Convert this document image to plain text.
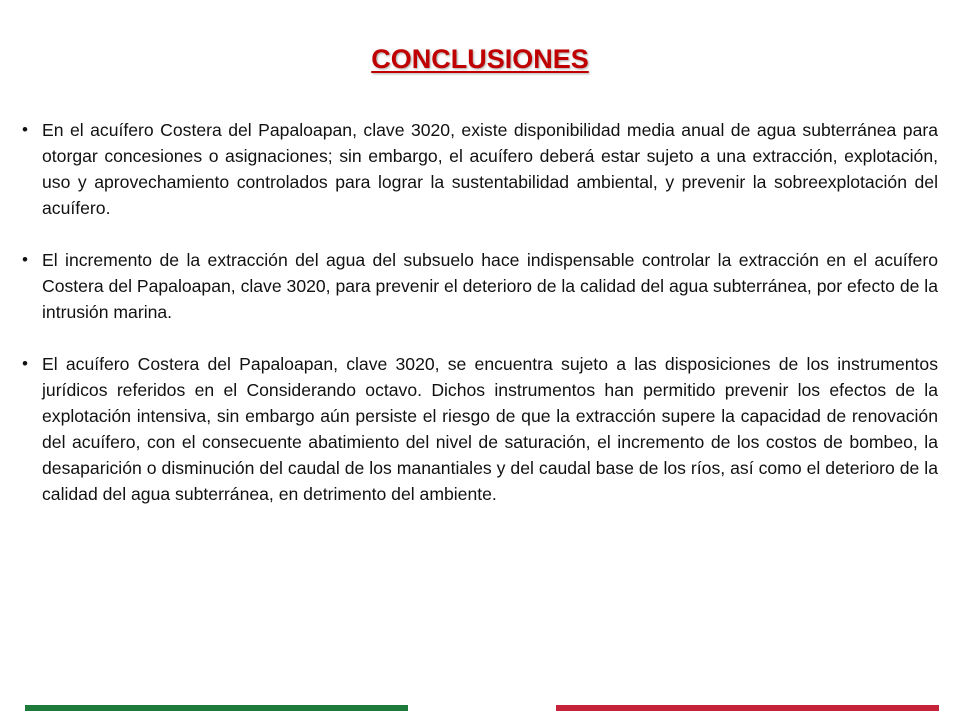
CONCLUSIONES
• En el acuífero Costera del Papaloapan, clave 3020, existe disponibilidad media anual de agua subterránea para otorgar concesiones o asignaciones; sin embargo, el acuífero deberá estar sujeto a una extracción, explotación, uso y aprovechamiento controlados para lograr la sustentabilidad ambiental, y prevenir la sobreexplotación del acuífero.
• El incremento de la extracción del agua del subsuelo hace indispensable controlar la extracción en el acuífero Costera del Papaloapan, clave 3020, para prevenir el deterioro de la calidad del agua subterránea, por efecto de la intrusión marina.
• El acuífero Costera del Papaloapan, clave 3020, se encuentra sujeto a las disposiciones de los instrumentos jurídicos referidos en el Considerando octavo. Dichos instrumentos han permitido prevenir los efectos de la explotación intensiva, sin embargo aún persiste el riesgo de que la extracción supere la capacidad de renovación del acuífero, con el consecuente abatimiento del nivel de saturación, el incremento de los costos de bombeo, la desaparición o disminución del caudal de los manantiales y del caudal base de los ríos, así como el deterioro de la calidad del agua subterránea, en detrimento del ambiente.
